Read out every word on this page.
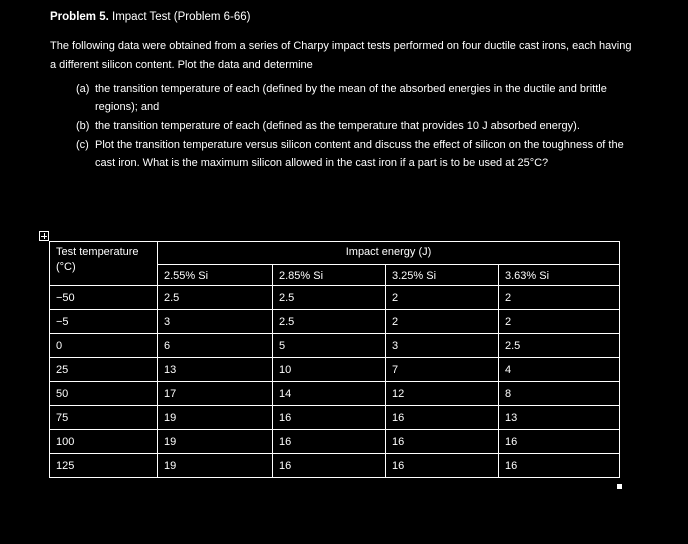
Problem 5. Impact Test (Problem 6-66)
The following data were obtained from a series of Charpy impact tests performed on four ductile cast irons, each having a different silicon content. Plot the data and determine
(a) the transition temperature of each (defined by the mean of the absorbed energies in the ductile and brittle regions); and
(b) the transition temperature of each (defined as the temperature that provides 10 J absorbed energy).
(c) Plot the transition temperature versus silicon content and discuss the effect of silicon on the toughness of the cast iron. What is the maximum silicon allowed in the cast iron if a part is to be used at 25°C?
Test temperature (°C)	Impact energy (J)			
	2.55% Si	2.85% Si	3.25% Si	3.63% Si
−50	2.5	2.5	2	2
−5	3	2.5	2	2
0	6	5	3	2.5
25	13	10	7	4
50	17	14	12	8
75	19	16	16	13
100	19	16	16	16
125	19	16	16	16
